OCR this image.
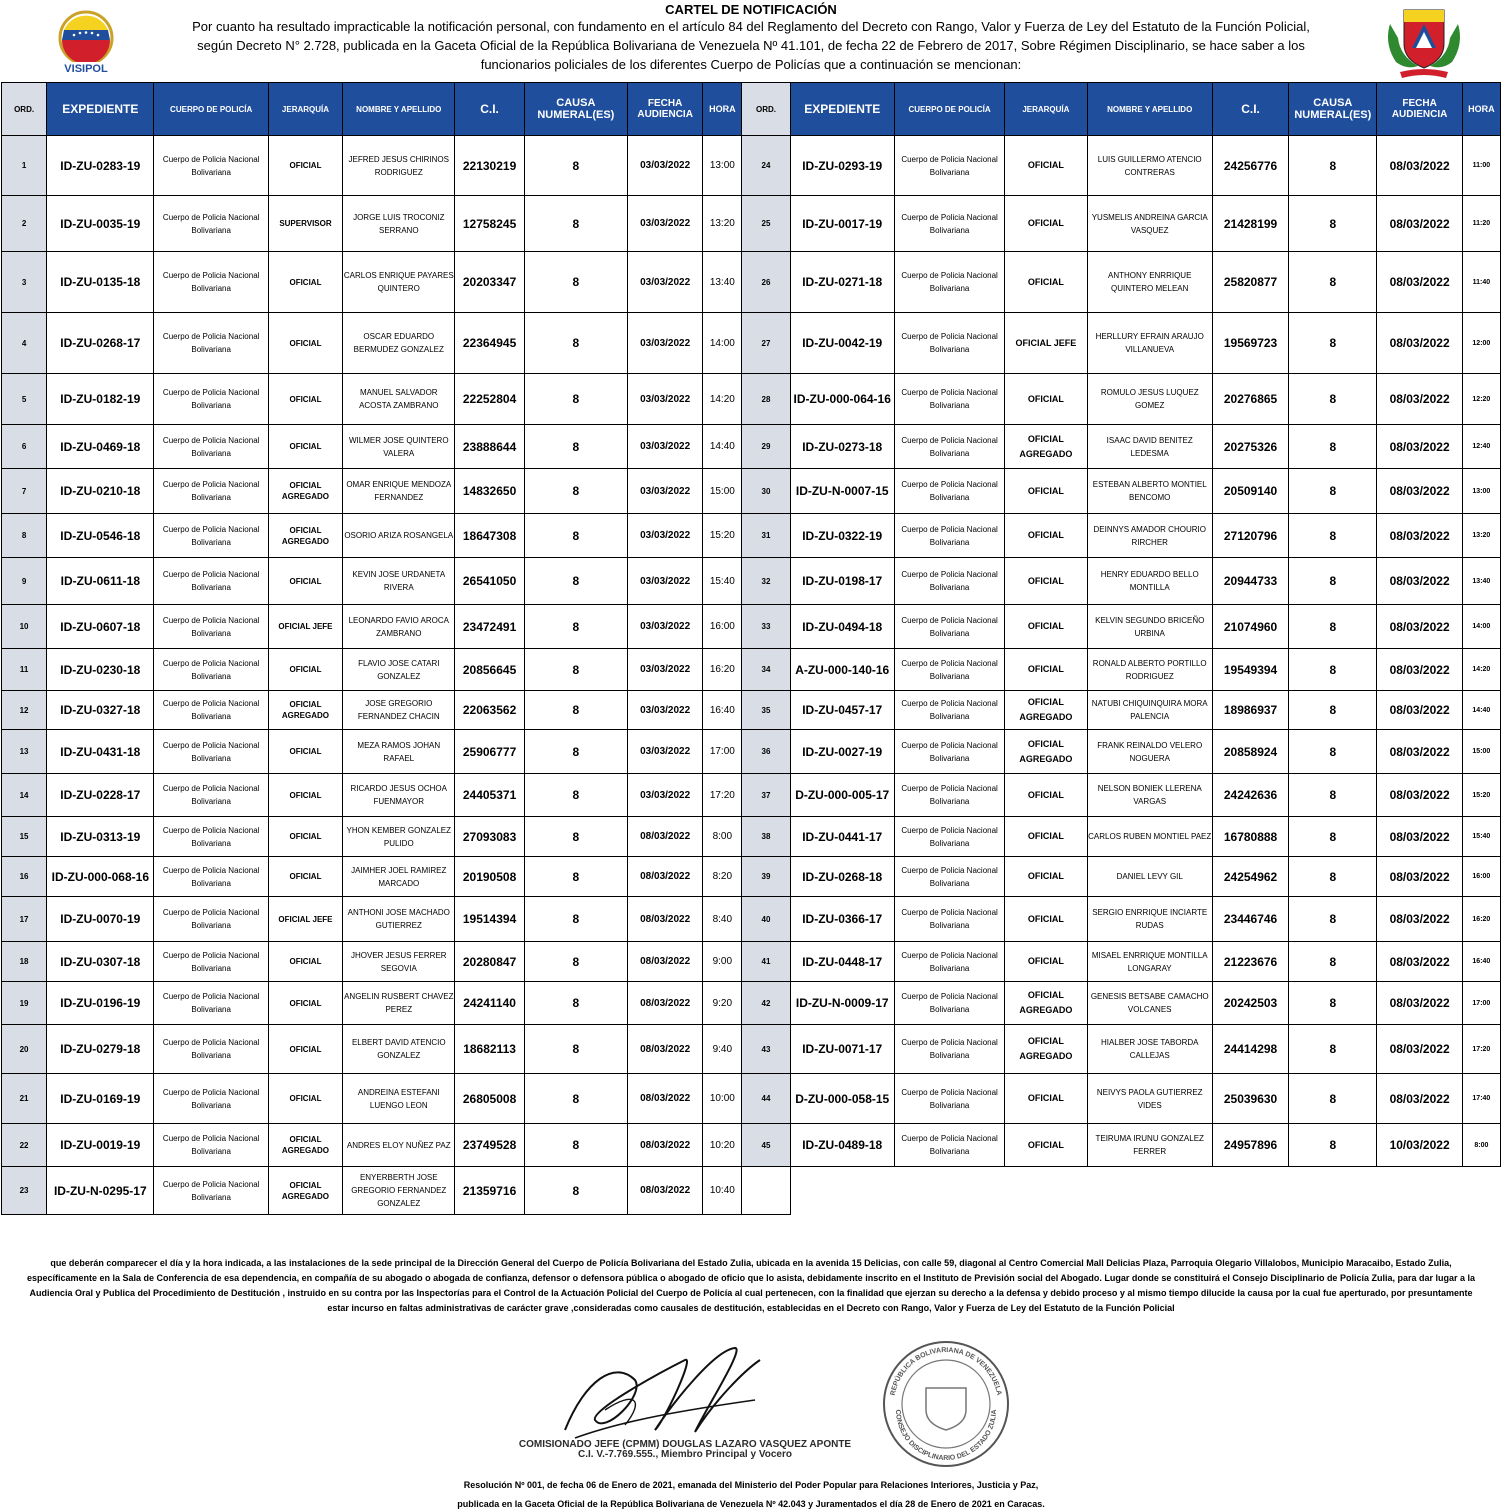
VISIPOL
CARTEL DE NOTIFICACIÓN
Por cuanto ha resultado impracticable la notificación personal, con fundamento en el artículo 84 del Reglamento del Decreto con Rango, Valor y Fuerza de Ley del Estatuto de la Función Policial,
según Decreto N° 2.728, publicada en la Gaceta Oficial de la República Bolivariana de Venezuela Nº 41.101, de fecha 22 de Febrero de 2017, Sobre Régimen Disciplinario, se hace saber a los
funcionarios policiales de los diferentes Cuerpo de Policías que a continuación se mencionan:
ORD.	EXPEDIENTE	CUERPO DE POLICÍA	JERARQUÍA	NOMBRE Y APELLIDO	C.I.	CAUSA NUMERAL(ES)	FECHA AUDIENCIA	HORA	ORD.	EXPEDIENTE	CUERPO DE POLICÍA	JERARQUÍA	NOMBRE Y APELLIDO	C.I.	CAUSA NUMERAL(ES)	FECHA AUDIENCIA	HORA
1	ID-ZU-0283-19	Cuerpo de Policia Nacional Bolivariana	OFICIAL	JEFRED JESUS CHIRINOS RODRIGUEZ	22130219	8	03/03/2022	13:00	24	ID-ZU-0293-19	Cuerpo de Policia Nacional Bolivariana	OFICIAL	LUIS GUILLERMO ATENCIO CONTRERAS	24256776	8	08/03/2022	11:00
2	ID-ZU-0035-19	Cuerpo de Policia Nacional Bolivariana	SUPERVISOR	JORGE LUIS TROCONIZ SERRANO	12758245	8	03/03/2022	13:20	25	ID-ZU-0017-19	Cuerpo de Policia Nacional Bolivariana	OFICIAL	YUSMELIS ANDREINA GARCIA VASQUEZ	21428199	8	08/03/2022	11:20
3	ID-ZU-0135-18	Cuerpo de Policia Nacional Bolivariana	OFICIAL	CARLOS ENRIQUE PAYARES QUINTERO	20203347	8	03/03/2022	13:40	26	ID-ZU-0271-18	Cuerpo de Policia Nacional Bolivariana	OFICIAL	ANTHONY ENRRIQUE QUINTERO MELEAN	25820877	8	08/03/2022	11:40
4	ID-ZU-0268-17	Cuerpo de Policia Nacional Bolivariana	OFICIAL	OSCAR EDUARDO BERMUDEZ GONZALEZ	22364945	8	03/03/2022	14:00	27	ID-ZU-0042-19	Cuerpo de Policia Nacional Bolivariana	OFICIAL JEFE	HERLLURY EFRAIN ARAUJO VILLANUEVA	19569723	8	08/03/2022	12:00
5	ID-ZU-0182-19	Cuerpo de Policia Nacional Bolivariana	OFICIAL	MANUEL SALVADOR ACOSTA ZAMBRANO	22252804	8	03/03/2022	14:20	28	ID-ZU-000-064-16	Cuerpo de Policia Nacional Bolivariana	OFICIAL	ROMULO JESUS LUQUEZ GOMEZ	20276865	8	08/03/2022	12:20
6	ID-ZU-0469-18	Cuerpo de Policia Nacional Bolivariana	OFICIAL	WILMER JOSE QUINTERO VALERA	23888644	8	03/03/2022	14:40	29	ID-ZU-0273-18	Cuerpo de Policia Nacional Bolivariana	OFICIAL AGREGADO	ISAAC DAVID BENITEZ LEDESMA	20275326	8	08/03/2022	12:40
7	ID-ZU-0210-18	Cuerpo de Policia Nacional Bolivariana	OFICIAL AGREGADO	OMAR ENRIQUE MENDOZA FERNANDEZ	14832650	8	03/03/2022	15:00	30	ID-ZU-N-0007-15	Cuerpo de Policia Nacional Bolivariana	OFICIAL	ESTEBAN ALBERTO MONTIEL BENCOMO	20509140	8	08/03/2022	13:00
8	ID-ZU-0546-18	Cuerpo de Policia Nacional Bolivariana	OFICIAL AGREGADO	OSORIO ARIZA ROSANGELA	18647308	8	03/03/2022	15:20	31	ID-ZU-0322-19	Cuerpo de Policia Nacional Bolivariana	OFICIAL	DEINNYS AMADOR CHOURIO RIRCHER	27120796	8	08/03/2022	13:20
9	ID-ZU-0611-18	Cuerpo de Policia Nacional Bolivariana	OFICIAL	KEVIN JOSE URDANETA RIVERA	26541050	8	03/03/2022	15:40	32	ID-ZU-0198-17	Cuerpo de Policia Nacional Bolivariana	OFICIAL	HENRY EDUARDO BELLO MONTILLA	20944733	8	08/03/2022	13:40
10	ID-ZU-0607-18	Cuerpo de Policia Nacional Bolivariana	OFICIAL JEFE	LEONARDO FAVIO AROCA ZAMBRANO	23472491	8	03/03/2022	16:00	33	ID-ZU-0494-18	Cuerpo de Policia Nacional Bolivariana	OFICIAL	KELVIN SEGUNDO BRICEÑO URBINA	21074960	8	08/03/2022	14:00
11	ID-ZU-0230-18	Cuerpo de Policia Nacional Bolivariana	OFICIAL	FLAVIO JOSE CATARI GONZALEZ	20856645	8	03/03/2022	16:20	34	A-ZU-000-140-16	Cuerpo de Policia Nacional Bolivariana	OFICIAL	RONALD ALBERTO PORTILLO RODRIGUEZ	19549394	8	08/03/2022	14:20
12	ID-ZU-0327-18	Cuerpo de Policia Nacional Bolivariana	OFICIAL AGREGADO	JOSE GREGORIO FERNANDEZ CHACIN	22063562	8	03/03/2022	16:40	35	ID-ZU-0457-17	Cuerpo de Policia Nacional Bolivariana	OFICIAL AGREGADO	NATUBI CHIQUINQUIRA MORA PALENCIA	18986937	8	08/03/2022	14:40
13	ID-ZU-0431-18	Cuerpo de Policia Nacional Bolivariana	OFICIAL	MEZA RAMOS JOHAN RAFAEL	25906777	8	03/03/2022	17:00	36	ID-ZU-0027-19	Cuerpo de Policia Nacional Bolivariana	OFICIAL AGREGADO	FRANK REINALDO VELERO NOGUERA	20858924	8	08/03/2022	15:00
14	ID-ZU-0228-17	Cuerpo de Policia Nacional Bolivariana	OFICIAL	RICARDO JESUS OCHOA FUENMAYOR	24405371	8	03/03/2022	17:20	37	D-ZU-000-005-17	Cuerpo de Policia Nacional Bolivariana	OFICIAL	NELSON BONIEK LLERENA VARGAS	24242636	8	08/03/2022	15:20
15	ID-ZU-0313-19	Cuerpo de Policia Nacional Bolivariana	OFICIAL	YHON KEMBER GONZALEZ PULIDO	27093083	8	08/03/2022	8:00	38	ID-ZU-0441-17	Cuerpo de Policia Nacional Bolivariana	OFICIAL	CARLOS RUBEN MONTIEL PAEZ	16780888	8	08/03/2022	15:40
16	ID-ZU-000-068-16	Cuerpo de Policia Nacional Bolivariana	OFICIAL	JAIMHER JOEL RAMIREZ MARCADO	20190508	8	08/03/2022	8:20	39	ID-ZU-0268-18	Cuerpo de Policia Nacional Bolivariana	OFICIAL	DANIEL LEVY GIL	24254962	8	08/03/2022	16:00
17	ID-ZU-0070-19	Cuerpo de Policia Nacional Bolivariana	OFICIAL JEFE	ANTHONI JOSE MACHADO GUTIERREZ	19514394	8	08/03/2022	8:40	40	ID-ZU-0366-17	Cuerpo de Policia Nacional Bolivariana	OFICIAL	SERGIO ENRRIQUE INCIARTE RUDAS	23446746	8	08/03/2022	16:20
18	ID-ZU-0307-18	Cuerpo de Policia Nacional Bolivariana	OFICIAL	JHOVER JESUS FERRER SEGOVIA	20280847	8	08/03/2022	9:00	41	ID-ZU-0448-17	Cuerpo de Policia Nacional Bolivariana	OFICIAL	MISAEL ENRRIQUE MONTILLA LONGARAY	21223676	8	08/03/2022	16:40
19	ID-ZU-0196-19	Cuerpo de Policia Nacional Bolivariana	OFICIAL	ANGELIN RUSBERT CHAVEZ PEREZ	24241140	8	08/03/2022	9:20	42	ID-ZU-N-0009-17	Cuerpo de Policia Nacional Bolivariana	OFICIAL AGREGADO	GENESIS BETSABE CAMACHO VOLCANES	20242503	8	08/03/2022	17:00
20	ID-ZU-0279-18	Cuerpo de Policia Nacional Bolivariana	OFICIAL	ELBERT DAVID ATENCIO GONZALEZ	18682113	8	08/03/2022	9:40	43	ID-ZU-0071-17	Cuerpo de Policia Nacional Bolivariana	OFICIAL AGREGADO	HIALBER JOSE TABORDA CALLEJAS	24414298	8	08/03/2022	17:20
21	ID-ZU-0169-19	Cuerpo de Policia Nacional Bolivariana	OFICIAL	ANDREINA ESTEFANI LUENGO LEON	26805008	8	08/03/2022	10:00	44	D-ZU-000-058-15	Cuerpo de Policia Nacional Bolivariana	OFICIAL	NEIVYS PAOLA GUTIERREZ VIDES	25039630	8	08/03/2022	17:40
22	ID-ZU-0019-19	Cuerpo de Policia Nacional Bolivariana	OFICIAL AGREGADO	ANDRES ELOY NUÑEZ PAZ	23749528	8	08/03/2022	10:20	45	ID-ZU-0489-18	Cuerpo de Policia Nacional Bolivariana	OFICIAL	TEIRUMA IRUNU GONZALEZ FERRER	24957896	8	10/03/2022	8:00
23	ID-ZU-N-0295-17	Cuerpo de Policia Nacional Bolivariana	OFICIAL AGREGADO	ENYERBERTH JOSE GREGORIO FERNANDEZ GONZALEZ	21359716	8	08/03/2022	10:40									
que deberán comparecer el día y la hora indicada, a las instalaciones de la sede principal de la Dirección General del Cuerpo de Policía Bolivariana del Estado Zulia, ubicada en la avenida 15 Delicias, con calle 59, diagonal al Centro Comercial Mall Delicias Plaza, Parroquia Olegario Villalobos, Municipio Maracaibo, Estado Zulia,
específicamente en la Sala de Conferencia de esa dependencia, en compañía de su abogado o abogada de confianza, defensor o defensora pública o abogado de oficio que lo asista, debidamente inscrito en el Instituto de Previsión social del Abogado. Lugar donde se constituirá el Consejo Disciplinario de Policía Zulia, para dar lugar a la
Audiencia Oral y Publica del Procedimiento de Destitución , instruido en su contra por las Inspectorías para el Control de la Actuación Policial del Cuerpo de Policía al cual pertenecen, con la finalidad que ejerzan su derecho a la defensa y debido proceso y al mismo tiempo dilucide la causa por la cual fue aperturado, por presuntamente
estar incurso en faltas administrativas de carácter grave ,consideradas como causales de destitución, establecidas en el Decreto con Rango, Valor y Fuerza de Ley del Estatuto de la Función Policial
COMISIONADO JEFE (CPMM) DOUGLAS LAZARO VASQUEZ APONTE
C.I. V.-7.769.555., Miembro Principal y Vocero
REPÚBLICA BOLIVARIANA DE VENEZUELA
CONSEJO DISCIPLINARIO DEL ESTADO ZULIA
Resolución Nº 001, de fecha 06 de Enero de 2021, emanada del Ministerio del Poder Popular para Relaciones Interiores, Justicia y Paz,
publicada en la Gaceta Oficial de la República Bolivariana de Venezuela Nº 42.043 y Juramentados el día 28 de Enero de 2021 en Caracas.
